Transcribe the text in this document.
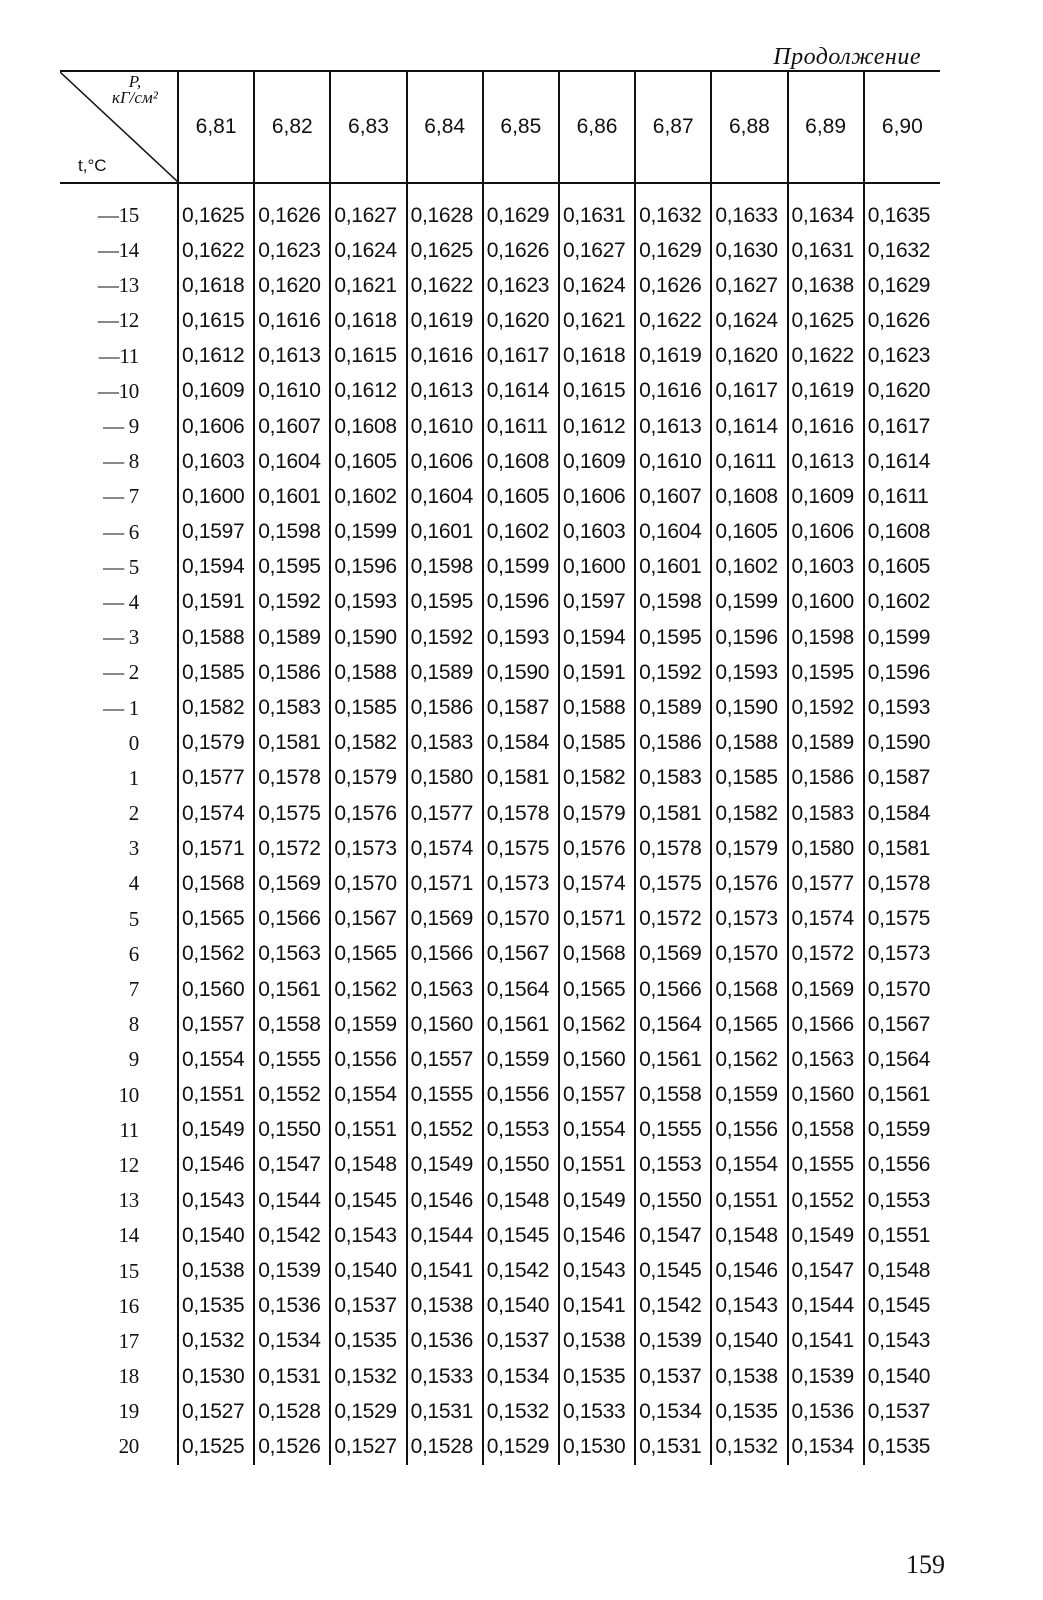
Продолжение
P,
кГ/см²
t,°C	6,81	6,82	6,83	6,84	6,85	6,86	6,87	6,88	6,89	6,90
—15	0,1625	0,1626	0,1627	0,1628	0,1629	0,1631	0,1632	0,1633	0,1634	0,1635
—14	0,1622	0,1623	0,1624	0,1625	0,1626	0,1627	0,1629	0,1630	0,1631	0,1632
—13	0,1618	0,1620	0,1621	0,1622	0,1623	0,1624	0,1626	0,1627	0,1638	0,1629
—12	0,1615	0,1616	0,1618	0,1619	0,1620	0,1621	0,1622	0,1624	0,1625	0,1626
—11	0,1612	0,1613	0,1615	0,1616	0,1617	0,1618	0,1619	0,1620	0,1622	0,1623
—10	0,1609	0,1610	0,1612	0,1613	0,1614	0,1615	0,1616	0,1617	0,1619	0,1620
— 9	0,1606	0,1607	0,1608	0,1610	0,1611	0,1612	0,1613	0,1614	0,1616	0,1617
— 8	0,1603	0,1604	0,1605	0,1606	0,1608	0,1609	0,1610	0,1611	0,1613	0,1614
— 7	0,1600	0,1601	0,1602	0,1604	0,1605	0,1606	0,1607	0,1608	0,1609	0,1611
— 6	0,1597	0,1598	0,1599	0,1601	0,1602	0,1603	0,1604	0,1605	0,1606	0,1608
— 5	0,1594	0,1595	0,1596	0,1598	0,1599	0,1600	0,1601	0,1602	0,1603	0,1605
— 4	0,1591	0,1592	0,1593	0,1595	0,1596	0,1597	0,1598	0,1599	0,1600	0,1602
— 3	0,1588	0,1589	0,1590	0,1592	0,1593	0,1594	0,1595	0,1596	0,1598	0,1599
— 2	0,1585	0,1586	0,1588	0,1589	0,1590	0,1591	0,1592	0,1593	0,1595	0,1596
— 1	0,1582	0,1583	0,1585	0,1586	0,1587	0,1588	0,1589	0,1590	0,1592	0,1593
0	0,1579	0,1581	0,1582	0,1583	0,1584	0,1585	0,1586	0,1588	0,1589	0,1590
1	0,1577	0,1578	0,1579	0,1580	0,1581	0,1582	0,1583	0,1585	0,1586	0,1587
2	0,1574	0,1575	0,1576	0,1577	0,1578	0,1579	0,1581	0,1582	0,1583	0,1584
3	0,1571	0,1572	0,1573	0,1574	0,1575	0,1576	0,1578	0,1579	0,1580	0,1581
4	0,1568	0,1569	0,1570	0,1571	0,1573	0,1574	0,1575	0,1576	0,1577	0,1578
5	0,1565	0,1566	0,1567	0,1569	0,1570	0,1571	0,1572	0,1573	0,1574	0,1575
6	0,1562	0,1563	0,1565	0,1566	0,1567	0,1568	0,1569	0,1570	0,1572	0,1573
7	0,1560	0,1561	0,1562	0,1563	0,1564	0,1565	0,1566	0,1568	0,1569	0,1570
8	0,1557	0,1558	0,1559	0,1560	0,1561	0,1562	0,1564	0,1565	0,1566	0,1567
9	0,1554	0,1555	0,1556	0,1557	0,1559	0,1560	0,1561	0,1562	0,1563	0,1564
10	0,1551	0,1552	0,1554	0,1555	0,1556	0,1557	0,1558	0,1559	0,1560	0,1561
11	0,1549	0,1550	0,1551	0,1552	0,1553	0,1554	0,1555	0,1556	0,1558	0,1559
12	0,1546	0,1547	0,1548	0,1549	0,1550	0,1551	0,1553	0,1554	0,1555	0,1556
13	0,1543	0,1544	0,1545	0,1546	0,1548	0,1549	0,1550	0,1551	0,1552	0,1553
14	0,1540	0,1542	0,1543	0,1544	0,1545	0,1546	0,1547	0,1548	0,1549	0,1551
15	0,1538	0,1539	0,1540	0,1541	0,1542	0,1543	0,1545	0,1546	0,1547	0,1548
16	0,1535	0,1536	0,1537	0,1538	0,1540	0,1541	0,1542	0,1543	0,1544	0,1545
17	0,1532	0,1534	0,1535	0,1536	0,1537	0,1538	0,1539	0,1540	0,1541	0,1543
18	0,1530	0,1531	0,1532	0,1533	0,1534	0,1535	0,1537	0,1538	0,1539	0,1540
19	0,1527	0,1528	0,1529	0,1531	0,1532	0,1533	0,1534	0,1535	0,1536	0,1537
20	0,1525	0,1526	0,1527	0,1528	0,1529	0,1530	0,1531	0,1532	0,1534	0,1535
159
